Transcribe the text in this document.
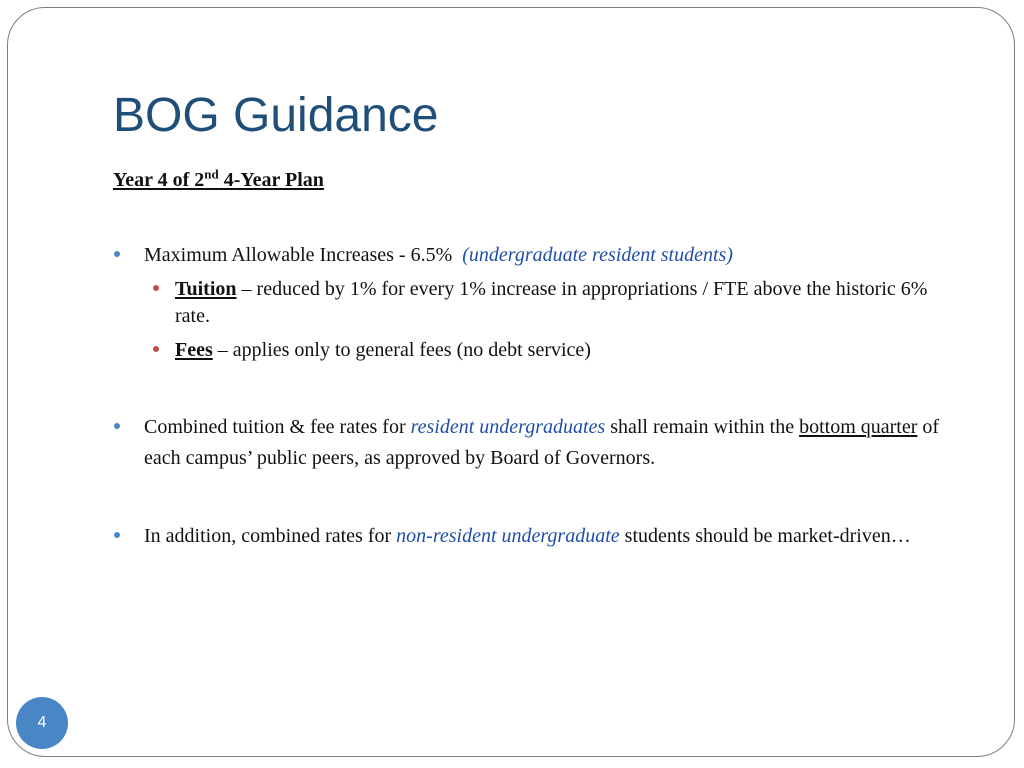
BOG Guidance

Year 4 of 2nd 4-Year Plan

Maximum Allowable Increases - 6.5% (undergraduate resident students)

Tuition – reduced by 1% for every 1% increase in appropriations / FTE above the historic 6% rate.

Fees – applies only to general fees (no debt service)

Combined tuition & fee rates for resident undergraduates shall remain within the bottom quarter of each campus’ public peers, as approved by Board of Governors.

In addition, combined rates for non-resident undergraduate students should be market-driven…

4
